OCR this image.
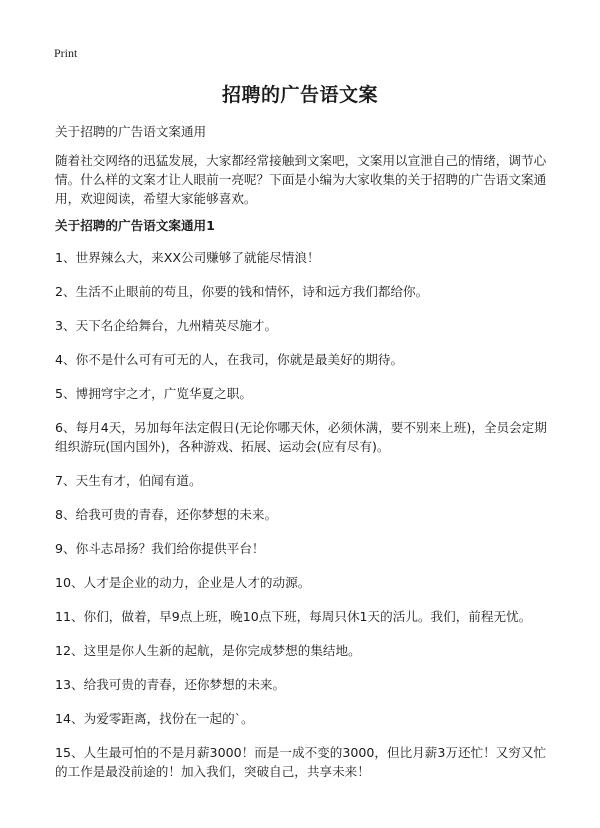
Print
招聘的广告语文案

关于招聘的广告语文案通用

随着社交网络的迅猛发展，大家都经常接触到文案吧，文案用以宣泄自己的情绪，调节心情。什么样的文案才让人眼前一亮呢？下面是小编为大家收集的关于招聘的广告语文案通用，欢迎阅读，希望大家能够喜欢。

关于招聘的广告语文案通用1

1、世界辣么大，来XX公司赚够了就能尽情浪！

2、生活不止眼前的苟且，你要的钱和情怀，诗和远方我们都给你。

3、天下名企给舞台，九州精英尽施才。

4、你不是什么可有可无的人，在我司，你就是最美好的期待。

5、博拥穹宇之才，广览华夏之职。

6、每月4天，另加每年法定假日(无论你哪天休，必须休满，要不别来上班)，全员会定期组织游玩(国内国外)，各种游戏、拓展、运动会(应有尽有)。

7、天生有才，伯闻有道。

8、给我可贵的青春，还你梦想的未来。

9、你斗志昂扬？我们给你提供平台！

10、人才是企业的动力，企业是人才的动源。

11、你们，做着，早9点上班，晚10点下班，每周只休1天的活儿。我们，前程无忧。

12、这里是你人生新的起航，是你完成梦想的集结地。

13、给我可贵的青春，还你梦想的未来。

14、为爱零距离，找份在一起的`。

15、人生最可怕的不是月薪3000！而是一成不变的3000，但比月薪3万还忙！又穷又忙的工作是最没前途的！加入我们，突破自己，共享未来！
